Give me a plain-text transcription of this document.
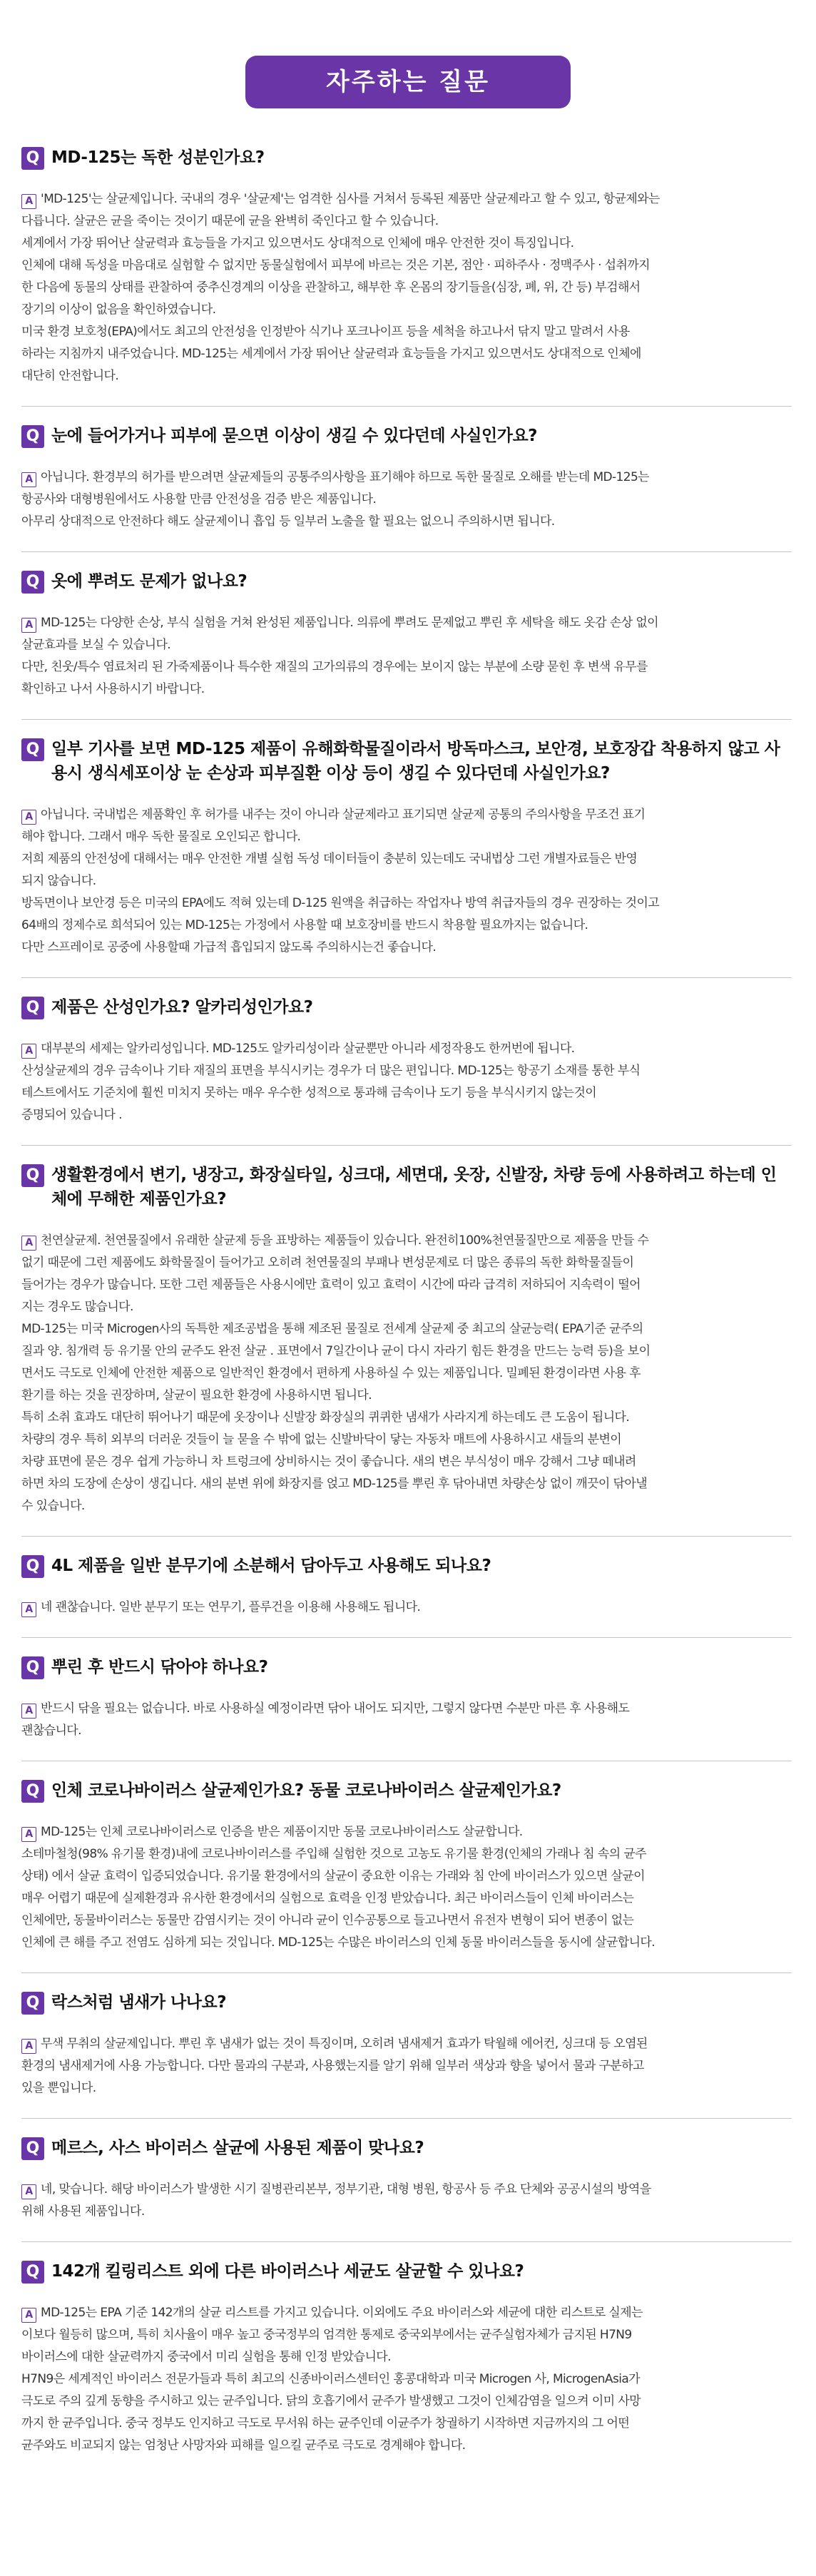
자주하는 질문
Q MD-125는 독한 성분인가요?
A 'MD-125'는 살균제입니다. 국내의 경우 '살균제'는 엄격한 심사를 거쳐서 등록된 제품만 살균제라고 할 수 있고, 항균제와는
다릅니다. 살균은 균을 죽이는 것이기 때문에 균을 완벽히 죽인다고 할 수 있습니다.
세계에서 가장 뛰어난 살균력과 효능들을 가지고 있으면서도 상대적으로 인체에 매우 안전한 것이 특징입니다.
인체에 대해 독성을 마음대로 실험할 수 없지만 동물실험에서 피부에 바르는 것은 기본, 점안 · 피하주사 · 정맥주사 · 섭취까지
한 다음에 동물의 상태를 관찰하여 중추신경계의 이상을 관찰하고, 해부한 후 온몸의 장기들을(심장, 폐, 위, 간 등) 부검해서
장기의 이상이 없음을 확인하였습니다.
미국 환경 보호청(EPA)에서도 최고의 안전성을 인정받아 식기나 포크나이프 등을 세척을 하고나서 닦지 말고 말려서 사용
하라는 지침까지 내주었습니다. MD-125는 세계에서 가장 뛰어난 살균력과 효능들을 가지고 있으면서도 상대적으로 인체에
대단히 안전합니다.
Q 눈에 들어가거나 피부에 묻으면 이상이 생길 수 있다던데 사실인가요?
A 아닙니다. 환경부의 허가를 받으려면 살균제들의 공통주의사항을 표기해야 하므로 독한 물질로 오해를 받는데 MD-125는
항공사와 대형병원에서도 사용할 만큼 안전성을 검증 받은 제품입니다.
아무리 상대적으로 안전하다 해도 살균제이니 흡입 등 일부러 노출을 할 필요는 없으니 주의하시면 됩니다.
Q 옷에 뿌려도 문제가 없나요?
A MD-125는 다양한 손상, 부식 실험을 거쳐 완성된 제품입니다. 의류에 뿌려도 문제없고 뿌린 후 세탁을 해도 옷감 손상 없이
살균효과를 보실 수 있습니다.
다만, 친웃/특수 염료처리 된 가죽제품이나 특수한 재질의 고가의류의 경우에는 보이지 않는 부분에 소량 묻힌 후 변색 유무를
확인하고 나서 사용하시기 바랍니다.
Q 일부 기사를 보면 MD-125 제품이 유해화학물질이라서 방독마스크, 보안경, 보호장갑 착용하지 않고 사용시 생식세포이상 눈 손상과 피부질환 이상 등이 생길 수 있다던데 사실인가요?
A 아닙니다. 국내법은 제품확인 후 허가를 내주는 것이 아니라 살균제라고 표기되면 살균제 공통의 주의사항을 무조건 표기
해야 합니다. 그래서 매우 독한 물질로 오인되곤 합니다.
저희 제품의 안전성에 대해서는 매우 안전한 개별 실험 독성 데이터들이 충분히 있는데도 국내법상 그런 개별자료들은 반영
되지 않습니다.
방독면이나 보안경 등은 미국의 EPA에도 적혀 있는데 D-125 원액을 취급하는 작업자나 방역 취급자들의 경우 권장하는 것이고
64배의 정제수로 희석되어 있는 MD-125는 가정에서 사용할 때 보호장비를 반드시 착용할 필요까지는 없습니다.
다만 스프레이로 공중에 사용할때 가급적 흡입되지 않도록 주의하시는건 좋습니다.
Q 제품은 산성인가요? 알카리성인가요?
A 대부분의 세제는 알카리성입니다. MD-125도 알카리성이라 살균뿐만 아니라 세정작용도 한꺼번에 됩니다.
산성살균제의 경우 금속이나 기타 재질의 표면을 부식시키는 경우가 더 많은 편입니다. MD-125는 항공기 소재를 통한 부식
테스트에서도 기준치에 훨씬 미치지 못하는 매우 우수한 성적으로 통과해 금속이나 도기 등을 부식시키지 않는것이
증명되어 있습니다 .
Q 생활환경에서 변기, 냉장고, 화장실타일, 싱크대, 세면대, 옷장, 신발장, 차량 등에 사용하려고 하는데 인체에 무해한 제품인가요?
A 천연살균제. 천연물질에서 유래한 살균제 등을 표방하는 제품들이 있습니다. 완전히100%천연물질만으로 제품을 만들 수
없기 때문에 그런 제품에도 화학물질이 들어가고 오히려 천연물질의 부패나 변성문제로 더 많은 종류의 독한 화학물질들이
들어가는 경우가 많습니다. 또한 그런 제품들은 사용시에만 효력이 있고 효력이 시간에 따라 급격히 저하되어 지속력이 떨어
지는 경우도 많습니다.
MD-125는 미국 Microgen사의 독특한 제조공법을 통해 제조된 물질로 전세계 살균제 중 최고의 살균능력( EPA기준 균주의
질과 양. 침개력 등 유기물 안의 균주도 완전 살균 . 표면에서 7일간이나 균이 다시 자라기 힘든 환경을 만드는 능력 등)을 보이
면서도 극도로 인체에 안전한 제품으로 일반적인 환경에서 편하게 사용하실 수 있는 제품입니다. 밀폐된 환경이라면 사용 후
환기를 하는 것을 권장하며, 살균이 필요한 환경에 사용하시면 됩니다.
특히 소취 효과도 대단히 뛰어나기 때문에 옷장이나 신발장 화장실의 퀴퀴한 냄새가 사라지게 하는데도 큰 도움이 됩니다.
차량의 경우 특히 외부의 더러운 것들이 늘 묻을 수 밖에 없는 신발바닥이 닿는 자동차 매트에 사용하시고 새들의 분변이
차량 표면에 묻은 경우 쉽게 가능하니 차 트렁크에 상비하시는 것이 좋습니다. 새의 변은 부식성이 매우 강해서 그냥 떼내려
하면 차의 도장에 손상이 생깁니다. 새의 분변 위에 화장지를 얹고 MD-125를 뿌린 후 닦아내면 차량손상 없이 깨끗이 닦아낼
수 있습니다.
Q 4L 제품을 일반 분무기에 소분해서 담아두고 사용해도 되나요?
A 네 괜찮습니다. 일반 분무기 또는 연무기, 플루건을 이용해 사용해도 됩니다.
Q 뿌린 후 반드시 닦아야 하나요?
A 반드시 닦을 필요는 없습니다. 바로 사용하실 예정이라면 닦아 내어도 되지만, 그렇지 않다면 수분만 마른 후 사용해도
괜찮습니다.
Q 인체 코로나바이러스 살균제인가요? 동물 코로나바이러스 살균제인가요?
A MD-125는 인체 코로나바이러스로 인증을 받은 제품이지만 동물 코로나바이러스도 살균합니다.
소테마철청(98% 유기물 환경)내에 코로나바이러스를 주입해 실험한 것으로 고농도 유기물 환경(인체의 가래나 침 속의 균주
상태) 에서 살균 효력이 입증되었습니다. 유기물 환경에서의 살균이 중요한 이유는 가래와 침 안에 바이러스가 있으면 살균이
매우 어렵기 때문에 실제환경과 유사한 환경에서의 실험으로 효력을 인정 받았습니다. 최근 바이러스들이 인체 바이러스는
인체에만, 동물바이러스는 동물만 감염시키는 것이 아니라 균이 인수공통으로 들고나면서 유전자 변형이 되어 변종이 없는
인체에 큰 해를 주고 전염도 심하게 되는 것입니다. MD-125는 수많은 바이러스의 인체 동물 바이러스들을 동시에 살균합니다.
Q 락스처럼 냄새가 나나요?
A 무색 무취의 살균제입니다. 뿌린 후 냄새가 없는 것이 특징이며, 오히려 냄새제거 효과가 탁월해 에어컨, 싱크대 등 오염된
환경의 냄새제거에 사용 가능합니다. 다만 물과의 구분과, 사용했는지를 알기 위해 일부러 색상과 향을 넣어서 물과 구분하고
있을 뿐입니다.
Q 메르스, 사스 바이러스 살균에 사용된 제품이 맞나요?
A 네, 맞습니다. 해당 바이러스가 발생한 시기 질병관리본부, 정부기관, 대형 병원, 항공사 등 주요 단체와 공공시설의 방역을
위해 사용된 제품입니다.
Q 142개 킬링리스트 외에 다른 바이러스나 세균도 살균할 수 있나요?
A MD-125는 EPA 기준 142개의 살균 리스트를 가지고 있습니다. 이외에도 주요 바이러스와 세균에 대한 리스트로 실제는
이보다 월등히 많으며, 특히 치사율이 매우 높고 중국정부의 엄격한 통제로 중국외부에서는 균주실험자체가 금지된 H7N9
바이러스에 대한 살균력까지 중국에서 미리 실험을 통해 인정 받았습니다.
H7N9은 세계적인 바이러스 전문가들과 특히 최고의 신종바이러스센터인 홍콩대학과 미국 Microgen 사, MicrogenAsia가
극도로 주의 깊게 동향을 주시하고 있는 균주입니다. 닭의 호흡기에서 균주가 발생했고 그것이 인체감염을 일으켜 이미 사망
까지 한 균주입니다. 중국 정부도 인지하고 극도로 무서워 하는 균주인데 이균주가 창궐하기 시작하면 지금까지의 그 어떤
균주와도 비교되지 않는 엄청난 사망자와 피해를 일으킬 균주로 극도로 경계해야 합니다.
